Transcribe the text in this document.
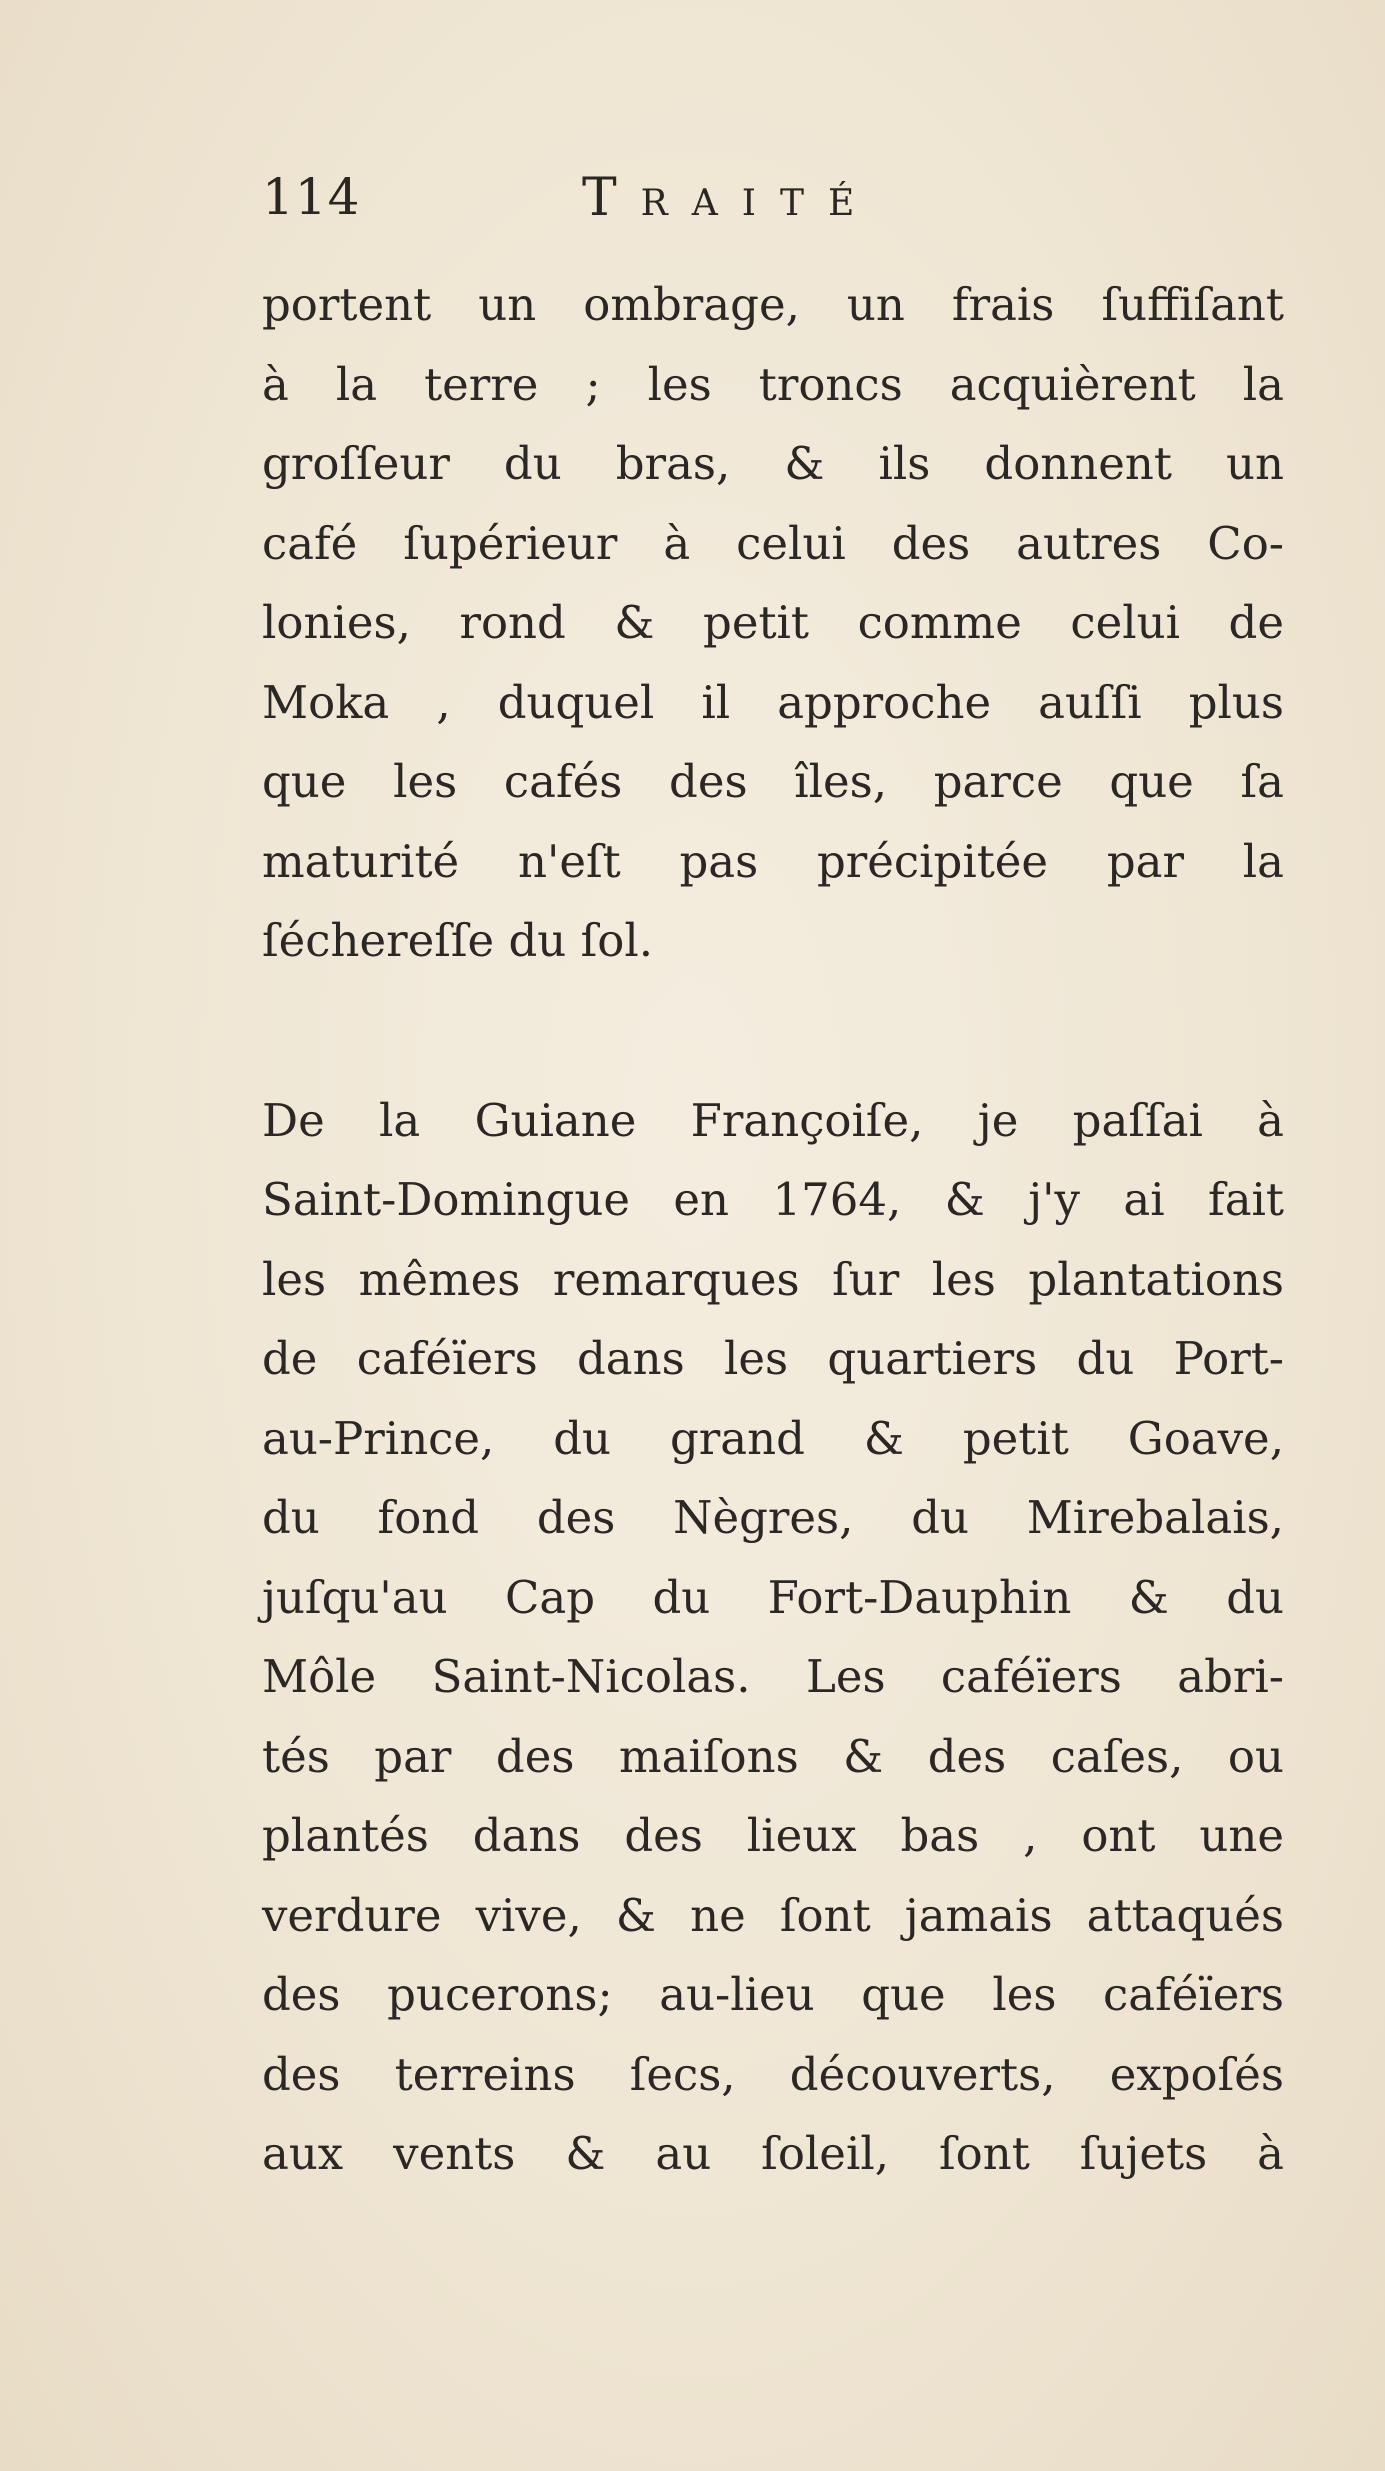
114	Traité
portent un ombrage, un frais ſuffiſant
à la terre ; les troncs acquièrent la
groſſeur du bras, & ils donnent un
café ſupérieur à celui des autres Co-
lonies, rond & petit comme celui de
Moka , duquel il approche auſſi plus
que les cafés des îles, parce que ſa
maturité n'eſt pas précipitée par la
ſéchereſſe du ſol.
De la Guiane Françoiſe, je paſſai à
Saint-Domingue en 1764, & j'y ai fait
les mêmes remarques ſur les plantations
de caféïers dans les quartiers du Port-
au-Prince, du grand & petit Goave,
du fond des Nègres, du Mirebalais,
juſqu'au Cap du Fort-Dauphin & du
Môle Saint-Nicolas. Les caféïers abri-
tés par des maiſons & des caſes, ou
plantés dans des lieux bas , ont une
verdure vive, & ne ſont jamais attaqués
des pucerons; au-lieu que les caféïers
des terreins ſecs, découverts, expoſés
aux vents & au ſoleil, ſont ſujets à
